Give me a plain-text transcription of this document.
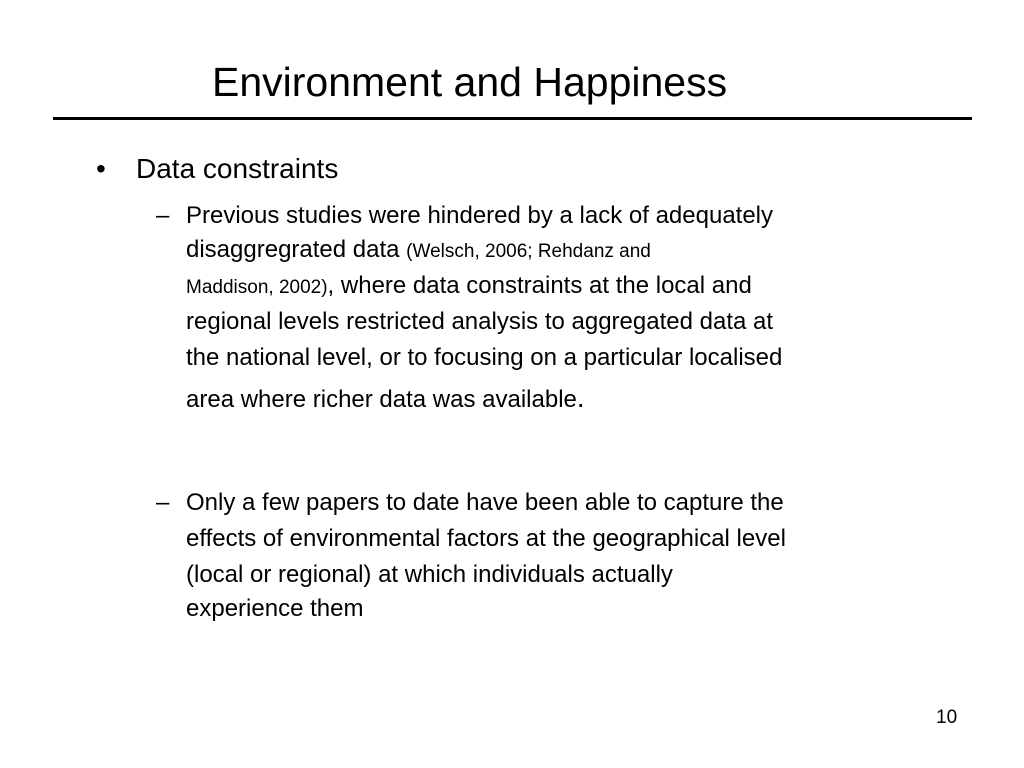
Environment and Happiness
•	Data constraints
– Previous studies were hindered by a lack of adequately
disaggregrated data (Welsch, 2006; Rehdanz and
Maddison, 2002), where data constraints at the local and
regional levels restricted analysis to aggregated data at
the national level, or to focusing on a particular localised
area where richer data was available.
– Only a few papers to date have been able to capture the
effects of environmental factors at the geographical level
(local or regional) at which individuals actually
experience them
10
